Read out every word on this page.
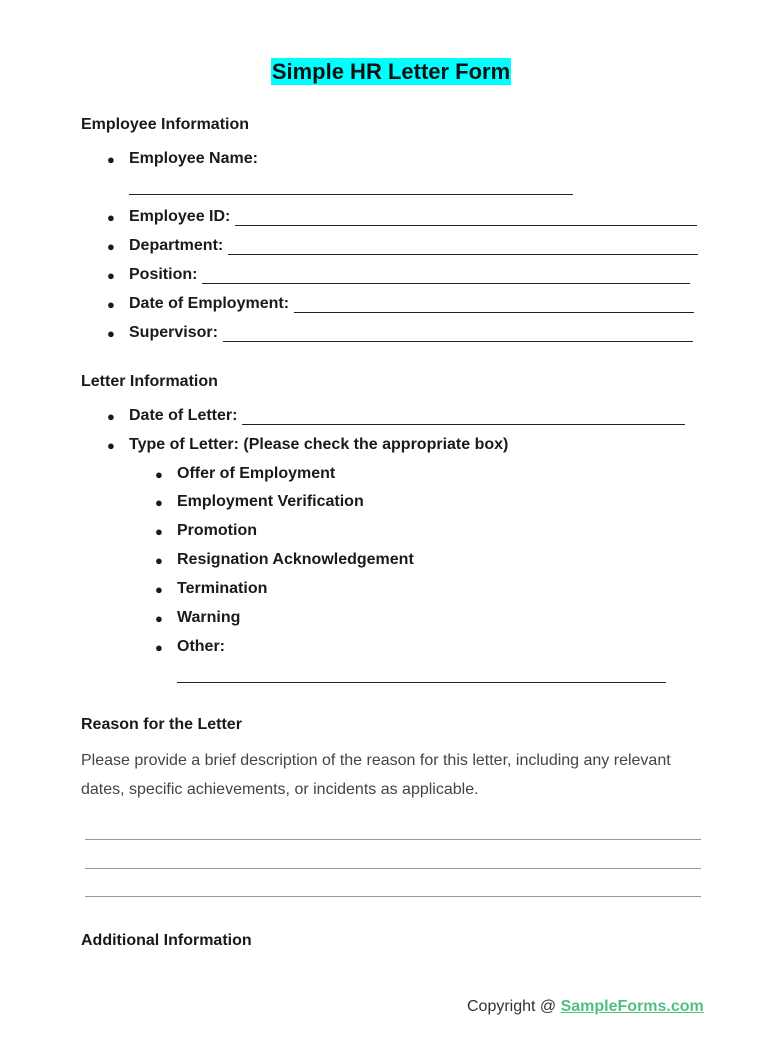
Simple HR Letter Form
Employee Information
● Employee Name:
● Employee ID:
● Department:
● Position:
● Date of Employment:
● Supervisor:
Letter Information
● Date of Letter:
● Type of Letter: (Please check the appropriate box)
● Offer of Employment
● Employment Verification
● Promotion
● Resignation Acknowledgement
● Termination
● Warning
● Other:
Reason for the Letter
Please provide a brief description of the reason for this letter, including any relevant dates, specific achievements, or incidents as applicable.
Additional Information
Copyright @ SampleForms.com
